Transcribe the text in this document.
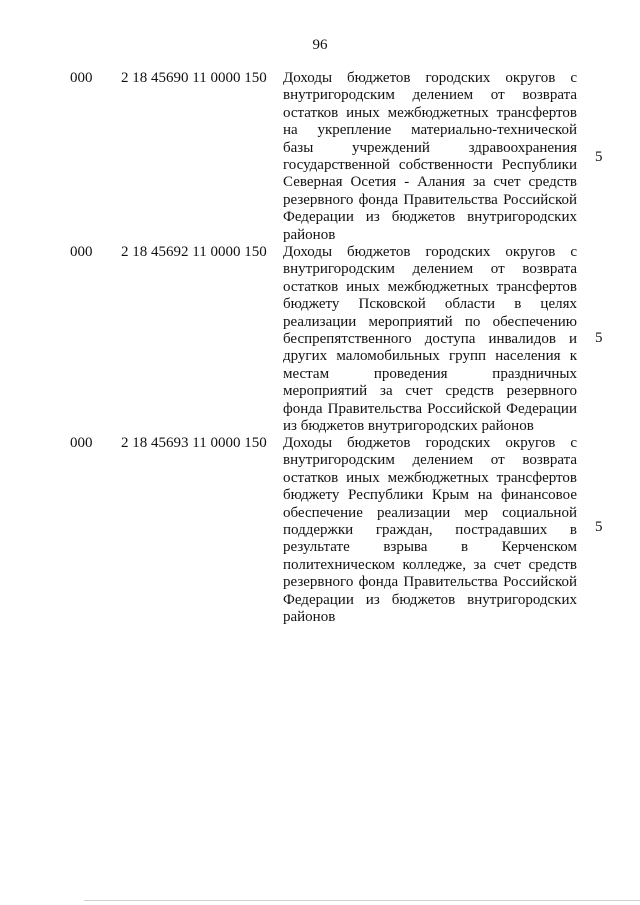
96
000 2 18 45690 11 0000 150 Доходы бюджетов городских округов с внутригородским делением от возврата остатков иных межбюджетных трансфертов на укрепление материально-технической базы учреждений здравоохранения государственной собственности Республики Северная Осетия - Алания за счет средств резервного фонда Правительства Российской Федерации из бюджетов внутригородских районов
5
000 2 18 45692 11 0000 150 Доходы бюджетов городских округов с внутригородским делением от возврата остатков иных межбюджетных трансфертов бюджету Псковской области в целях реализации мероприятий по обеспечению беспрепятственного доступа инвалидов и других маломобильных групп населения к местам проведения праздничных мероприятий за счет средств резервного фонда Правительства Российской Федерации из бюджетов внутригородских районов
5
000 2 18 45693 11 0000 150 Доходы бюджетов городских округов с внутригородским делением от возврата остатков иных межбюджетных трансфертов бюджету Республики Крым на финансовое обеспечение реализации мер социальной поддержки граждан, пострадавших в результате взрыва в Керченском политехническом колледже, за счет средств резервного фонда Правительства Российской Федерации из бюджетов внутригородских районов
5
